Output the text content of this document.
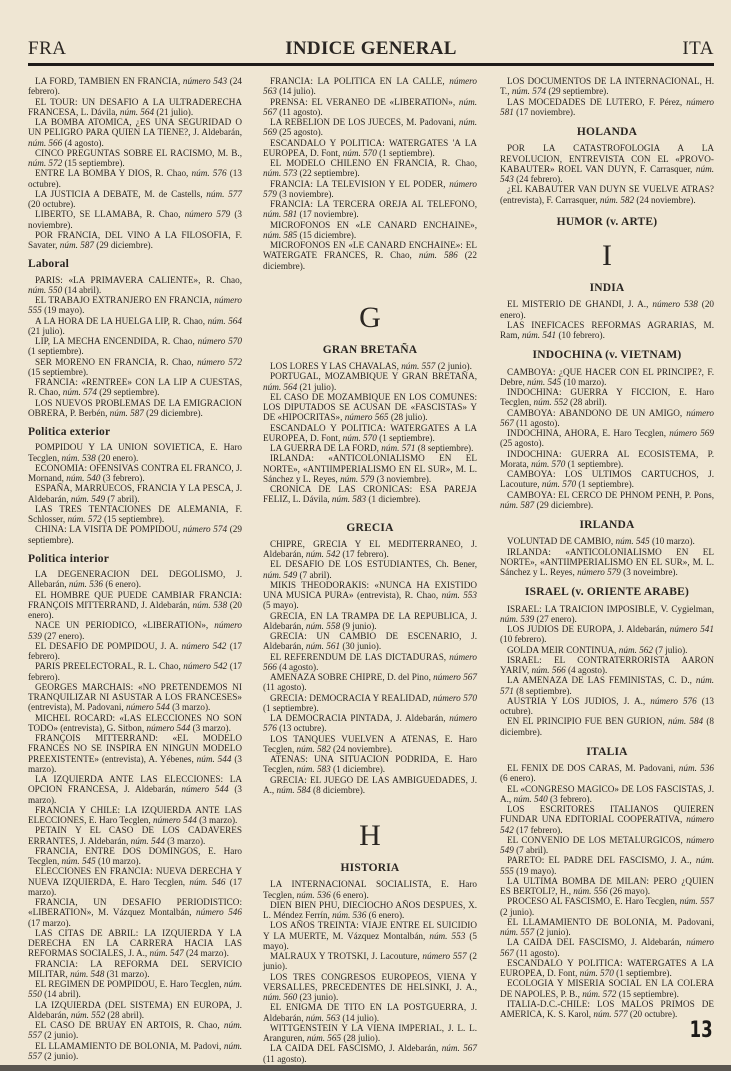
FRA	INDICE GENERAL	ITA

LA FORD, TAMBIEN EN FRANCIA, número 543 (24 febrero).

EL TOUR: UN DESAFIO A LA ULTRADERECHA FRANCESA, L. Dávila, núm. 564 (21 julio).

LA BOMBA ATOMICA, ¿ES UNA SEGURIDAD O UN PELIGRO PARA QUIEN LA TIENE?, J. Aldebarán, núm. 566 (4 agosto).

CINCO PREGUNTAS SOBRE EL RACISMO, M. B., núm. 572 (15 septiembre).

ENTRE LA BOMBA Y DIOS, R. Chao, núm. 576 (13 octubre).

LA JUSTICIA A DEBATE, M. de Castells, núm. 577 (20 octubre).

LIBERTO, SE LLAMABA, R. Chao, número 579 (3 noviembre).

POR FRANCIA, DEL VINO A LA FILOSOFIA, F. Savater, núm. 587 (29 diciembre).

Laboral

PARIS: «LA PRIMAVERA CALIENTE», R. Chao, núm. 550 (14 abril).

EL TRABAJO EXTRANJERO EN FRANCIA, número 555 (19 mayo).

A LA HORA DE LA HUELGA LIP, R. Chao, núm. 564 (21 julio).

LIP, LA MECHA ENCENDIDA, R. Chao, número 570 (1 septiembre).

SER MORENO EN FRANCIA, R. Chao, número 572 (15 septiembre).

FRANCIA: «RENTREE» CON LA LIP A CUESTAS, R. Chao, núm. 574 (29 septiembre).

LOS NUEVOS PROBLEMAS DE LA EMIGRACION OBRERA, P. Berbén, núm. 587 (29 diciembre).

Politica exterior

POMPIDOU Y LA UNION SOVIETICA, E. Haro Tecglen, núm. 538 (20 enero).

ECONOMIA: OFENSIVAS CONTRA EL FRANCO, J. Mornand, núm. 540 (3 febrero).

ESPAÑA, MARRUECOS, FRANCIA Y LA PESCA, J. Aldebarán, núm. 549 (7 abril).

LAS TRES TENTACIONES DE ALEMANIA, F. Schlosser, núm. 572 (15 septiembre).

CHINA: LA VISITA DE POMPIDOU, número 574 (29 septiembre).

Politica interior

LA DEGENERACION DEL DEGOLISMO, J. Allebarán, núm. 536 (6 enero).

EL HOMBRE QUE PUEDE CAMBIAR FRANCIA: FRANÇOIS MITTERRAND, J. Aldebarán, núm. 538 (20 enero).

NACE UN PERIODICO, «LIBERATION», número 539 (27 enero).

EL DESAFIO DE POMPIDOU, J. A. número 542 (17 febrero).

PARIS PREELECTORAL, R. L. Chao, número 542 (17 febrero).

GEORGES MARCHAIS: «NO PRETENDEMOS NI TRANQUILIZAR NI ASUSTAR A LOS FRANCESES» (entrevista), M. Padovani, número 544 (3 marzo).

MICHEL ROCARD: «LAS ELECCIONES NO SON TODO» (entrevista), G. Sitbon, número 544 (3 marzo).

FRANÇOIS MITTERRAND: «EL MODELO FRANCES NO SE INSPIRA EN NINGUN MODELO PREEXISTENTE» (entrevista), A. Yébenes, núm. 544 (3 marzo).

LA IZQUIERDA ANTE LAS ELECCIONES: LA OPCION FRANCESA, J. Aldebarán, número 544 (3 marzo).

FRANCIA Y CHILE: LA IZQUIERDA ANTE LAS ELECCIONES, E. Haro Tecglen, número 544 (3 marzo).

PETAIN Y EL CASO DE LOS CADAVERES ERRANTES, J. Aldebarán, núm. 544 (3 marzo).

FRANCIA, ENTRE DOS DOMINGOS, E. Haro Tecglen, núm. 545 (10 marzo).

ELECCIONES EN FRANCIA: NUEVA DERECHA Y NUEVA IZQUIERDA, E. Haro Tecglen, núm. 546 (17 marzo).

FRANCIA, UN DESAFIO PERIODISTICO: «LIBERATION», M. Vázquez Montalbán, número 546 (17 marzo).

LAS CITAS DE ABRIL: LA IZQUIERDA Y LA DERECHA EN LA CARRERA HACIA LAS REFORMAS SOCIALES, J. A., núm. 547 (24 marzo).

FRANCIA: LA REFORMA DEL SERVICIO MILITAR, núm. 548 (31 marzo).

EL REGIMEN DE POMPIDOU, E. Haro Tecglen, núm. 550 (14 abril).

LA IZQUIERDA (DEL SISTEMA) EN EUROPA, J. Aldebarán, núm. 552 (28 abril).

EL CASO DE BRUAY EN ARTOIS, R. Chao, núm. 557 (2 junio).

EL LLAMAMIENTO DE BOLONIA, M. Padovi, núm. 557 (2 junio).

FRANCIA: LA POLITICA EN LA CALLE, número 563 (14 julio).

PRENSA: EL VERANEO DE «LIBERATION», núm. 567 (11 agosto).

LA REBELION DE LOS JUECES, M. Padovani, núm. 569 (25 agosto).

ESCANDALO Y POLITICA: WATERGATES 'A LA EUROPEA, D. Font, núm. 570 (1 septiembre).

EL MODELO CHILENO EN FRANCIA, R. Chao, núm. 573 (22 septiembre).

FRANCIA: LA TELEVISION Y EL PODER, número 579 (3 noviembre).

FRANCIA: LA TERCERA OREJA AL TELEFONO, núm. 581 (17 noviembre).

MICROFONOS EN «LE CANARD ENCHAINE», núm. 585 (15 diciembre).

MICROFONOS EN «LE CANARD ENCHAINE»: EL WATERGATE FRANCES, R. Chao, núm. 586 (22 diciembre).

G
GRAN BRETAÑA

LOS LORES Y LAS CHAVALAS, núm. 557 (2 junio).

PORTUGAL, MOZAMBIQUE Y GRAN BRETAÑA, núm. 564 (21 julio).

EL CASO DE MOZAMBIQUE EN LOS COMUNES: LOS DIPUTADOS SE ACUSAN DE «FASCISTAS» Y DE «HIPOCRITAS», número 565 (28 julio).

ESCANDALO Y POLITICA: WATERGATES A LA EUROPEA, D. Font, núm. 570 (1 septiembre).

LA GUERRA DE LA FORD, núm. 571 (8 septiembre).

IRLANDA: «ANTICOLONIALISMO EN EL NORTE», «ANTIIMPERIALISMO EN EL SUR», M. L. Sánchez y L. Reyes, núm. 579 (3 noviembre).

CRONICA DE LAS CRONICAS: ESA PAREJA FELIZ, L. Dávila, núm. 583 (1 diciembre).

GRECIA

CHIPRE, GRECIA Y EL MEDITERRANEO, J. Aldebarán, núm. 542 (17 febrero).

EL DESAFIO DE LOS ESTUDIANTES, Ch. Bener, núm. 549 (7 abril).

MIKIS THEODORAKIS: «NUNCA HA EXISTIDO UNA MUSICA PURA» (entrevista), R. Chao, núm. 553 (5 mayo).

GRECIA, EN LA TRAMPA DE LA REPUBLICA, J. Aldebarán, núm. 558 (9 junio).

GRECIA: UN CAMBIO DE ESCENARIO, J. Aldebarán, núm. 561 (30 junio).

EL REFERENDUM DE LAS DICTADURAS, número 566 (4 agosto).

AMENAZA SOBRE CHIPRE, D. del Pino, número 567 (11 agosto).

GRECIA: DEMOCRACIA Y REALIDAD, número 570 (1 septiembre).

LA DEMOCRACIA PINTADA, J. Aldebarán, número 576 (13 octubre).

LOS TANQUES VUELVEN A ATENAS, E. Haro Tecglen, núm. 582 (24 noviembre).

ATENAS: UNA SITUACION PODRIDA, E. Haro Tecglen, núm. 583 (1 diciembre).

GRECIA: EL JUEGO DE LAS AMBIGUEDADES, J. A., núm. 584 (8 diciembre).

H
HISTORIA

LA INTERNACIONAL SOCIALISTA, E. Haro Tecglen, núm. 536 (6 enero).

DIEN BIEN PHU, DIECIOCHO AÑOS DESPUES, X. L. Méndez Ferrín, núm. 536 (6 enero).

LOS AÑOS TREINTA: VIAJE ENTRE EL SUICIDIO Y LA MUERTE, M. Vázquez Montalbán, núm. 553 (5 mayo).

MALRAUX Y TROTSKI, J. Lacouture, número 557 (2 junio).

LOS TRES CONGRESOS EUROPEOS, VIENA Y VERSALLES, PRECEDENTES DE HELSINKI, J. A., núm. 560 (23 junio).

EL ENIGMA DE TITO EN LA POSTGUERRA, J. Aldebarán, núm. 563 (14 julio).

WITTGENSTEIN Y LA VIENA IMPERIAL, J. L. L. Aranguren, núm. 565 (28 julio).

LA CAIDA DEL FASCISMO, J. Aldebarán, núm. 567 (11 agosto).

LOS DOCUMENTOS DE LA INTERNACIONAL, H. T., núm. 574 (29 septiembre).

LAS MOCEDADES DE LUTERO, F. Pérez, número 581 (17 noviembre).

HOLANDA

POR LA CATASTROFOLOGIA A LA REVOLUCION, ENTREVISTA CON EL «PROVO-KABAUTER» ROEL VAN DUYN, F. Carrasquer, núm. 543 (24 febrero).

¿EL KABAUTER VAN DUYN SE VUELVE ATRAS? (entrevista), F. Carrasquer, núm. 582 (24 noviembre).

HUMOR (v. ARTE)
I
INDIA

EL MISTERIO DE GHANDI, J. A., número 538 (20 enero).

LAS INEFICACES REFORMAS AGRARIAS, M. Ram, núm. 541 (10 febrero).

INDOCHINA (v. VIETNAM)

CAMBOYA: ¿QUE HACER CON EL PRINCIPE?, F. Debre, núm. 545 (10 marzo).

INDOCHINA: GUERRA Y FICCION, E. Haro Tecglen, núm. 552 (28 abril).

CAMBOYA: ABANDONO DE UN AMIGO, número 567 (11 agosto).

INDOCHINA, AHORA, E. Haro Tecglen, número 569 (25 agosto).

INDOCHINA: GUERRA AL ECOSISTEMA, P. Morata, núm. 570 (1 septiembre).

CAMBOYA: LOS ULTIMOS CARTUCHOS, J. Lacouture, núm. 570 (1 septiembre).

CAMBOYA: EL CERCO DE PHNOM PENH, P. Pons, núm. 587 (29 diciembre).

IRLANDA

VOLUNTAD DE CAMBIO, núm. 545 (10 marzo).

IRLANDA: «ANTICOLONIALISMO EN EL NORTE», «ANTIIMPERIALISMO EN EL SUR», M. L. Sánchez y L. Reyes, número 579 (3 noveimbre).

ISRAEL (v. ORIENTE ARABE)

ISRAEL: LA TRAICION IMPOSIBLE, V. Cygielman, núm. 539 (27 enero).

LOS JUDIOS DE EUROPA, J. Aldebarán, número 541 (10 febrero).

GOLDA MEIR CONTINUA, núm. 562 (7 julio).

ISRAEL: EL CONTRATERRORISTA AARON YARIV, núm. 566 (4 agosto).

LA AMENAZA DE LAS FEMINISTAS, C. D., núm. 571 (8 septiembre).

AUSTRIA Y LOS JUDIOS, J. A., número 576 (13 octubre).

EN EL PRINCIPIO FUE BEN GURION, núm. 584 (8 diciembre).

ITALIA

EL FENIX DE DOS CARAS, M. Padovani, núm. 536 (6 enero).

EL «CONGRESO MAGICO» DE LOS FASCISTAS, J. A., núm. 540 (3 febrero).

LOS ESCRITORES ITALIANOS QUIEREN FUNDAR UNA EDITORIAL COOPERATIVA, número 542 (17 febrero).

EL CONVENIO DE LOS METALURGICOS, número 549 (7 abril).

PARETO: EL PADRE DEL FASCISMO, J. A., núm. 555 (19 mayo).

LA ULTIMA BOMBA DE MILAN: PERO ¿QUIEN ES BERTOLI?, H., núm. 556 (26 mayo).

PROCESO AL FASCISMO, E. Haro Tecglen, núm. 557 (2 junio).

EL LLAMAMIENTO DE BOLONIA, M. Padovani, núm. 557 (2 junio).

LA CAIDA DEL FASCISMO, J. Aldebarán, número 567 (11 agosto).

ESCANDALO Y POLITICA: WATERGATES A LA EUROPEA, D. Font, núm. 570 (1 septiembre).

ECOLOGIA Y MISERIA SOCIAL EN LA COLERA DE NAPOLES, P. B., núm. 572 (15 septiembre).

ITALIA-D.C.-CHILE: LOS MALOS PRIMOS DE AMERICA, K. S. Karol, núm. 577 (20 octubre).

13
